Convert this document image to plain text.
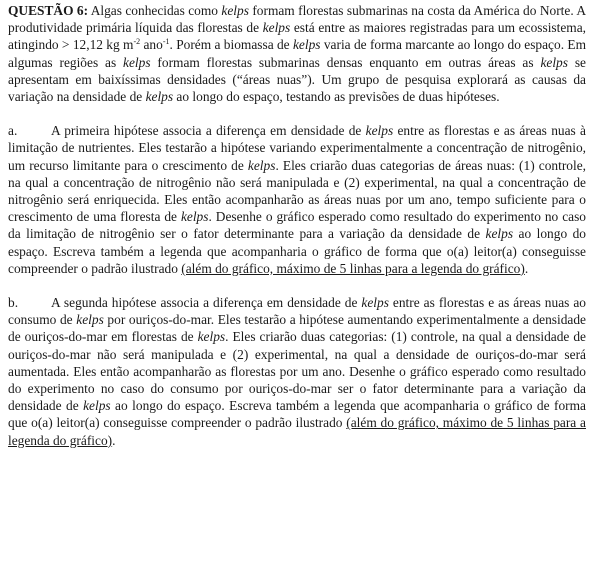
QUESTÃO 6: Algas conhecidas como kelps formam florestas submarinas na costa da América do Norte. A produtividade primária líquida das florestas de kelps está entre as maiores registradas para um ecossistema, atingindo > 12,12 kg $m^{-2}$ ano$^{-1}$. Porém a biomassa de kelps varia de forma marcante ao longo do espaço. Em algumas regiões as kelps formam florestas submarinas densas enquanto em outras áreas as kelps se apresentam em baixíssimas densidades (“áreas nuas”). Um grupo de pesquisa explorará as causas da variação na densidade de kelps ao longo do espaço, testando as previsões de duas hipóteses.

a.	A primeira hipótese associa a diferença em densidade de kelps entre as florestas e as áreas nuas à limitação de nutrientes. Eles testarão a hipótese variando experimentalmente a concentração de nitrogênio, um recurso limitante para o crescimento de kelps. Eles criarão duas categorias de áreas nuas: (1) controle, na qual a concentração de nitrogênio não será manipulada e (2) experimental, na qual a concentração de nitrogênio será enriquecida. Eles então acompanharão as áreas nuas por um ano, tempo suficiente para o crescimento de uma floresta de kelps. Desenhe o gráfico esperado como resultado do experimento no caso da limitação de nitrogênio ser o fator determinante para a variação da densidade de kelps ao longo do espaço. Escreva também a legenda que acompanharia o gráfico de forma que o(a) leitor(a) conseguisse compreender o padrão ilustrado (além do gráfico, máximo de 5 linhas para a legenda do gráfico).

b. A segunda hipótese associa a diferença em densidade de kelps entre as florestas e as áreas nuas ao consumo de kelps por ouriços-do-mar. Eles testarão a hipótese aumentando experimentalmente a densidade de ouriços-do-mar em florestas de kelps. Eles criarão duas categorias: (1) controle, na qual a densidade de ouriços-do-mar não será manipulada e (2) experimental, na qual a densidade de ouriços-do-mar será aumentada. Eles então acompanharão as florestas por um ano. Desenhe o gráfico esperado como resultado do experimento no caso do consumo por ouriços-do-mar ser o fator determinante para a variação da densidade de kelps ao longo do espaço. Escreva também a legenda que acompanharia o gráfico de forma que o(a) leitor(a) conseguisse compreender o padrão ilustrado (além do gráfico, máximo de 5 linhas para a legenda do gráfico).
